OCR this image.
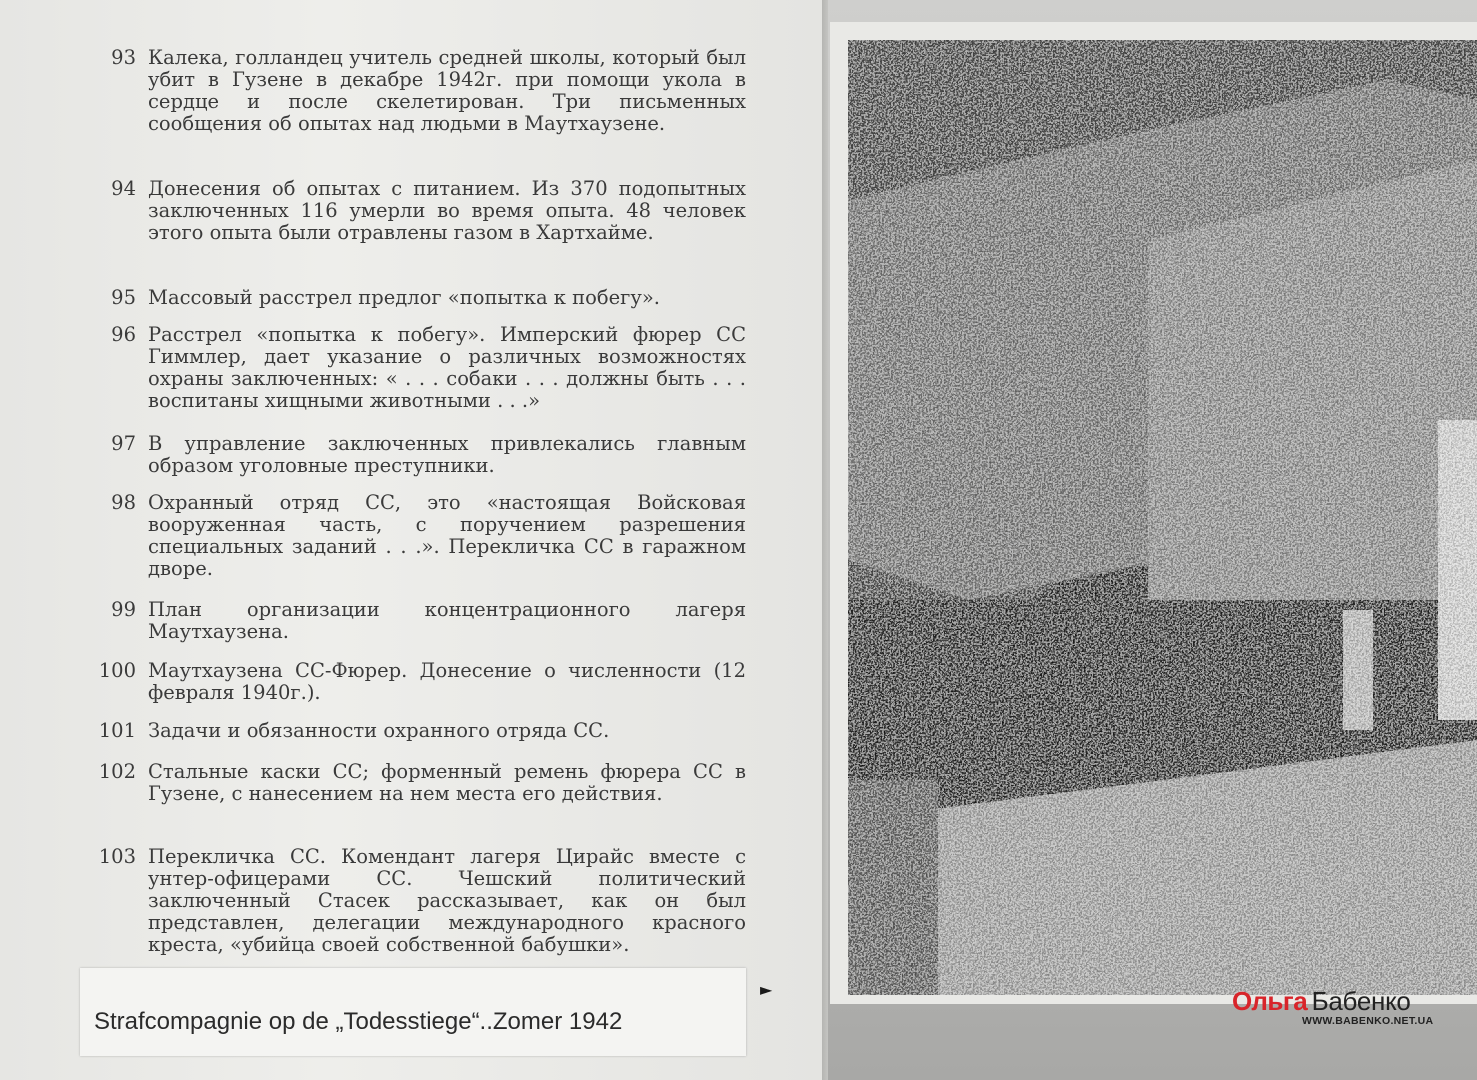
93 Калека, голландец учитель средней школы, который был убит в Гузене в декабре 1942г. при помощи укола в сердце и после скелетирован. Три письменных сообщения об опытах над людьми в Маутхаузене.
94 Донесения об опытах с питанием. Из 370 подопытных заключенных 116 умерли во время опыта. 48 человек этого опыта были отравлены газом в Хартхайме.
95 Массовый расстрел предлог «попытка к побегу».
96 Расстрел «попытка к побегу». Имперский фюрер СС Гиммлер, дает указание о различных возможностях охраны заключенных: « . . . собаки . . . должны быть . . . воспитаны хищными животными . . .»
97 В управление заключенных привлекались главным образом уголовные преступники.
98 Охранный отряд СС, это «настоящая Войсковая вооруженная часть, с поручением разрешения специальных заданий . . .». Перекличка СС в гаражном дворе.
99 План организации концентрационного лагеря Маутхаузена.
100 Маутхаузена СС-Фюрер. Донесение о численности (12 февраля 1940г.).
101 Задачи и обязанности охранного отряда СС.
102 Стальные каски СС; форменный ремень фюрера СС в Гузене, с нанесением на нем места его действия.
103 Перекличка СС. Комендант лагеря Цирайс вместе с унтер-офицерами СС. Чешский политический заключенный Стасек рассказывает, как он был представлен, делегации международного красного креста, «убийца своей собственной бабушки».
Strafcompagnie op de „Todesstiege“..Zomer 1942
►	Ольга Бабенко
WWW.BABENKO.NET.UA
